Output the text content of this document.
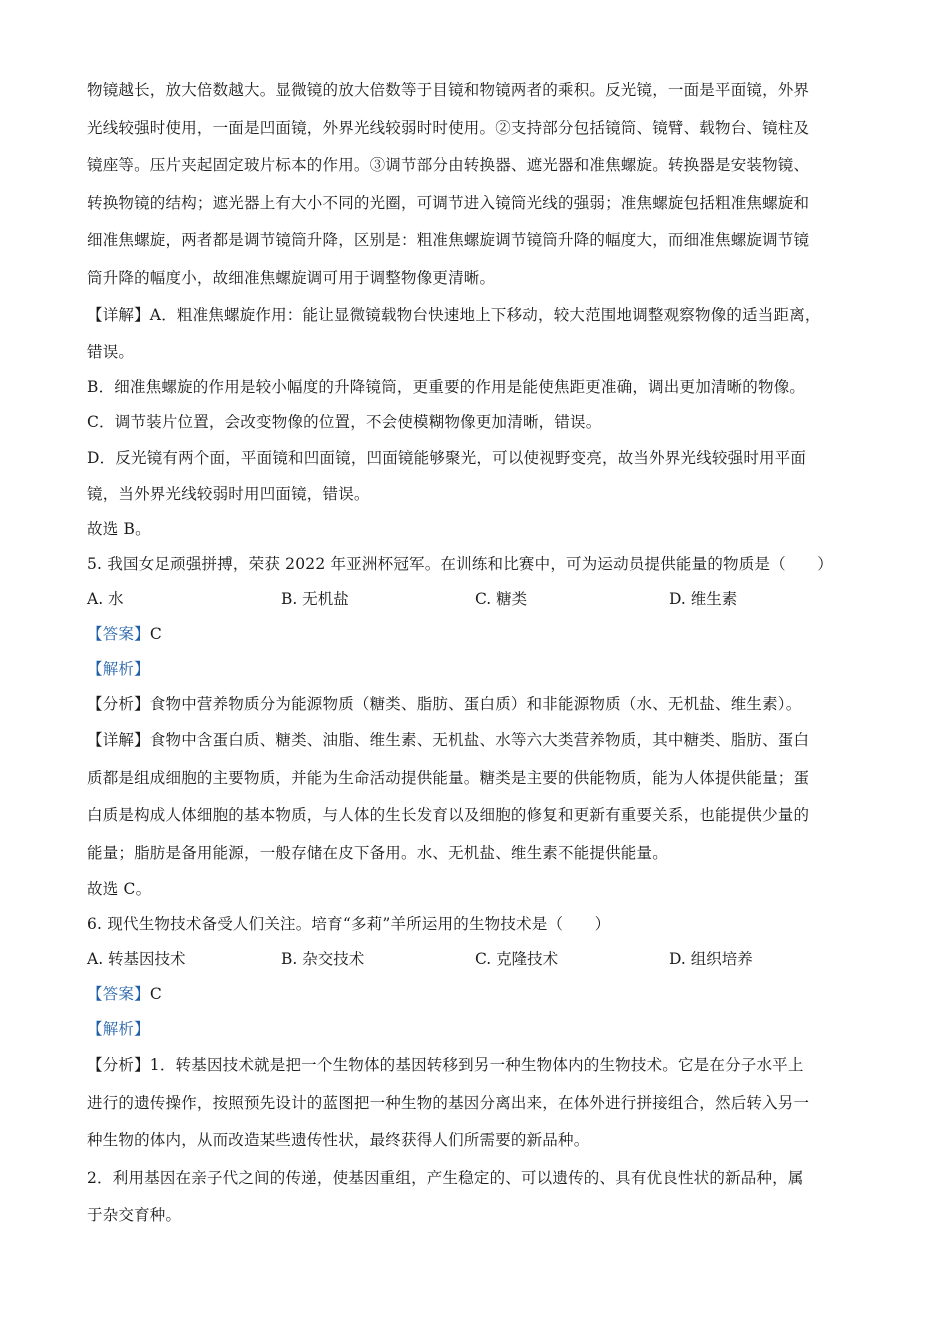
物镜越长，放大倍数越大。显微镜的放大倍数等于目镜和物镜两者的乘积。反光镜，一面是平面镜，外界

光线较强时使用，一面是凹面镜，外界光线较弱时时使用。②支持部分包括镜筒、镜臂、载物台、镜柱及

镜座等。压片夹起固定玻片标本的作用。③调节部分由转换器、遮光器和准焦螺旋。转换器是安装物镜、

转换物镜的结构；遮光器上有大小不同的光圈，可调节进入镜筒光线的强弱；准焦螺旋包括粗准焦螺旋和

细准焦螺旋，两者都是调节镜筒升降，区别是：粗准焦螺旋调节镜筒升降的幅度大，而细准焦螺旋调节镜

筒升降的幅度小，故细准焦螺旋调可用于调整物像更清晰。

【详解】A．粗准焦螺旋作用：能让显微镜载物台快速地上下移动，较大范围地调整观察物像的适当距离，

错误。

B．细准焦螺旋的作用是较小幅度的升降镜筒，更重要的作用是能使焦距更准确，调出更加清晰的物像。

C．调节装片位置，会改变物像的位置，不会使模糊物像更加清晰，错误。

D．反光镜有两个面，平面镜和凹面镜，凹面镜能够聚光，可以使视野变亮，故当外界光线较强时用平面

镜，当外界光线较弱时用凹面镜，错误。

故选 B。

5. 我国女足顽强拼搏，荣获 2022 年亚洲杯冠军。在训练和比赛中，可为运动员提供能量的物质是（　　）

A. 水	B. 无机盐	C. 糖类	D. 维生素

【答案】C

【解析】

【分析】食物中营养物质分为能源物质（糖类、脂肪、蛋白质）和非能源物质（水、无机盐、维生素）。

【详解】食物中含蛋白质、糖类、油脂、维生素、无机盐、水等六大类营养物质，其中糖类、脂肪、蛋白

质都是组成细胞的主要物质，并能为生命活动提供能量。糖类是主要的供能物质，能为人体提供能量；蛋

白质是构成人体细胞的基本物质，与人体的生长发育以及细胞的修复和更新有重要关系，也能提供少量的

能量；脂肪是备用能源，一般存储在皮下备用。水、无机盐、维生素不能提供能量。

故选 C。

6. 现代生物技术备受人们关注。培育“多莉”羊所运用的生物技术是（　　）

A. 转基因技术	B. 杂交技术	C. 克隆技术	D. 组织培养

【答案】C

【解析】

【分析】1．转基因技术就是把一个生物体的基因转移到另一种生物体内的生物技术。它是在分子水平上

进行的遗传操作，按照预先设计的蓝图把一种生物的基因分离出来，在体外进行拼接组合，然后转入另一

种生物的体内，从而改造某些遗传性状，最终获得人们所需要的新品种。

2．利用基因在亲子代之间的传递，使基因重组，产生稳定的、可以遗传的、具有优良性状的新品种，属

于杂交育种。
